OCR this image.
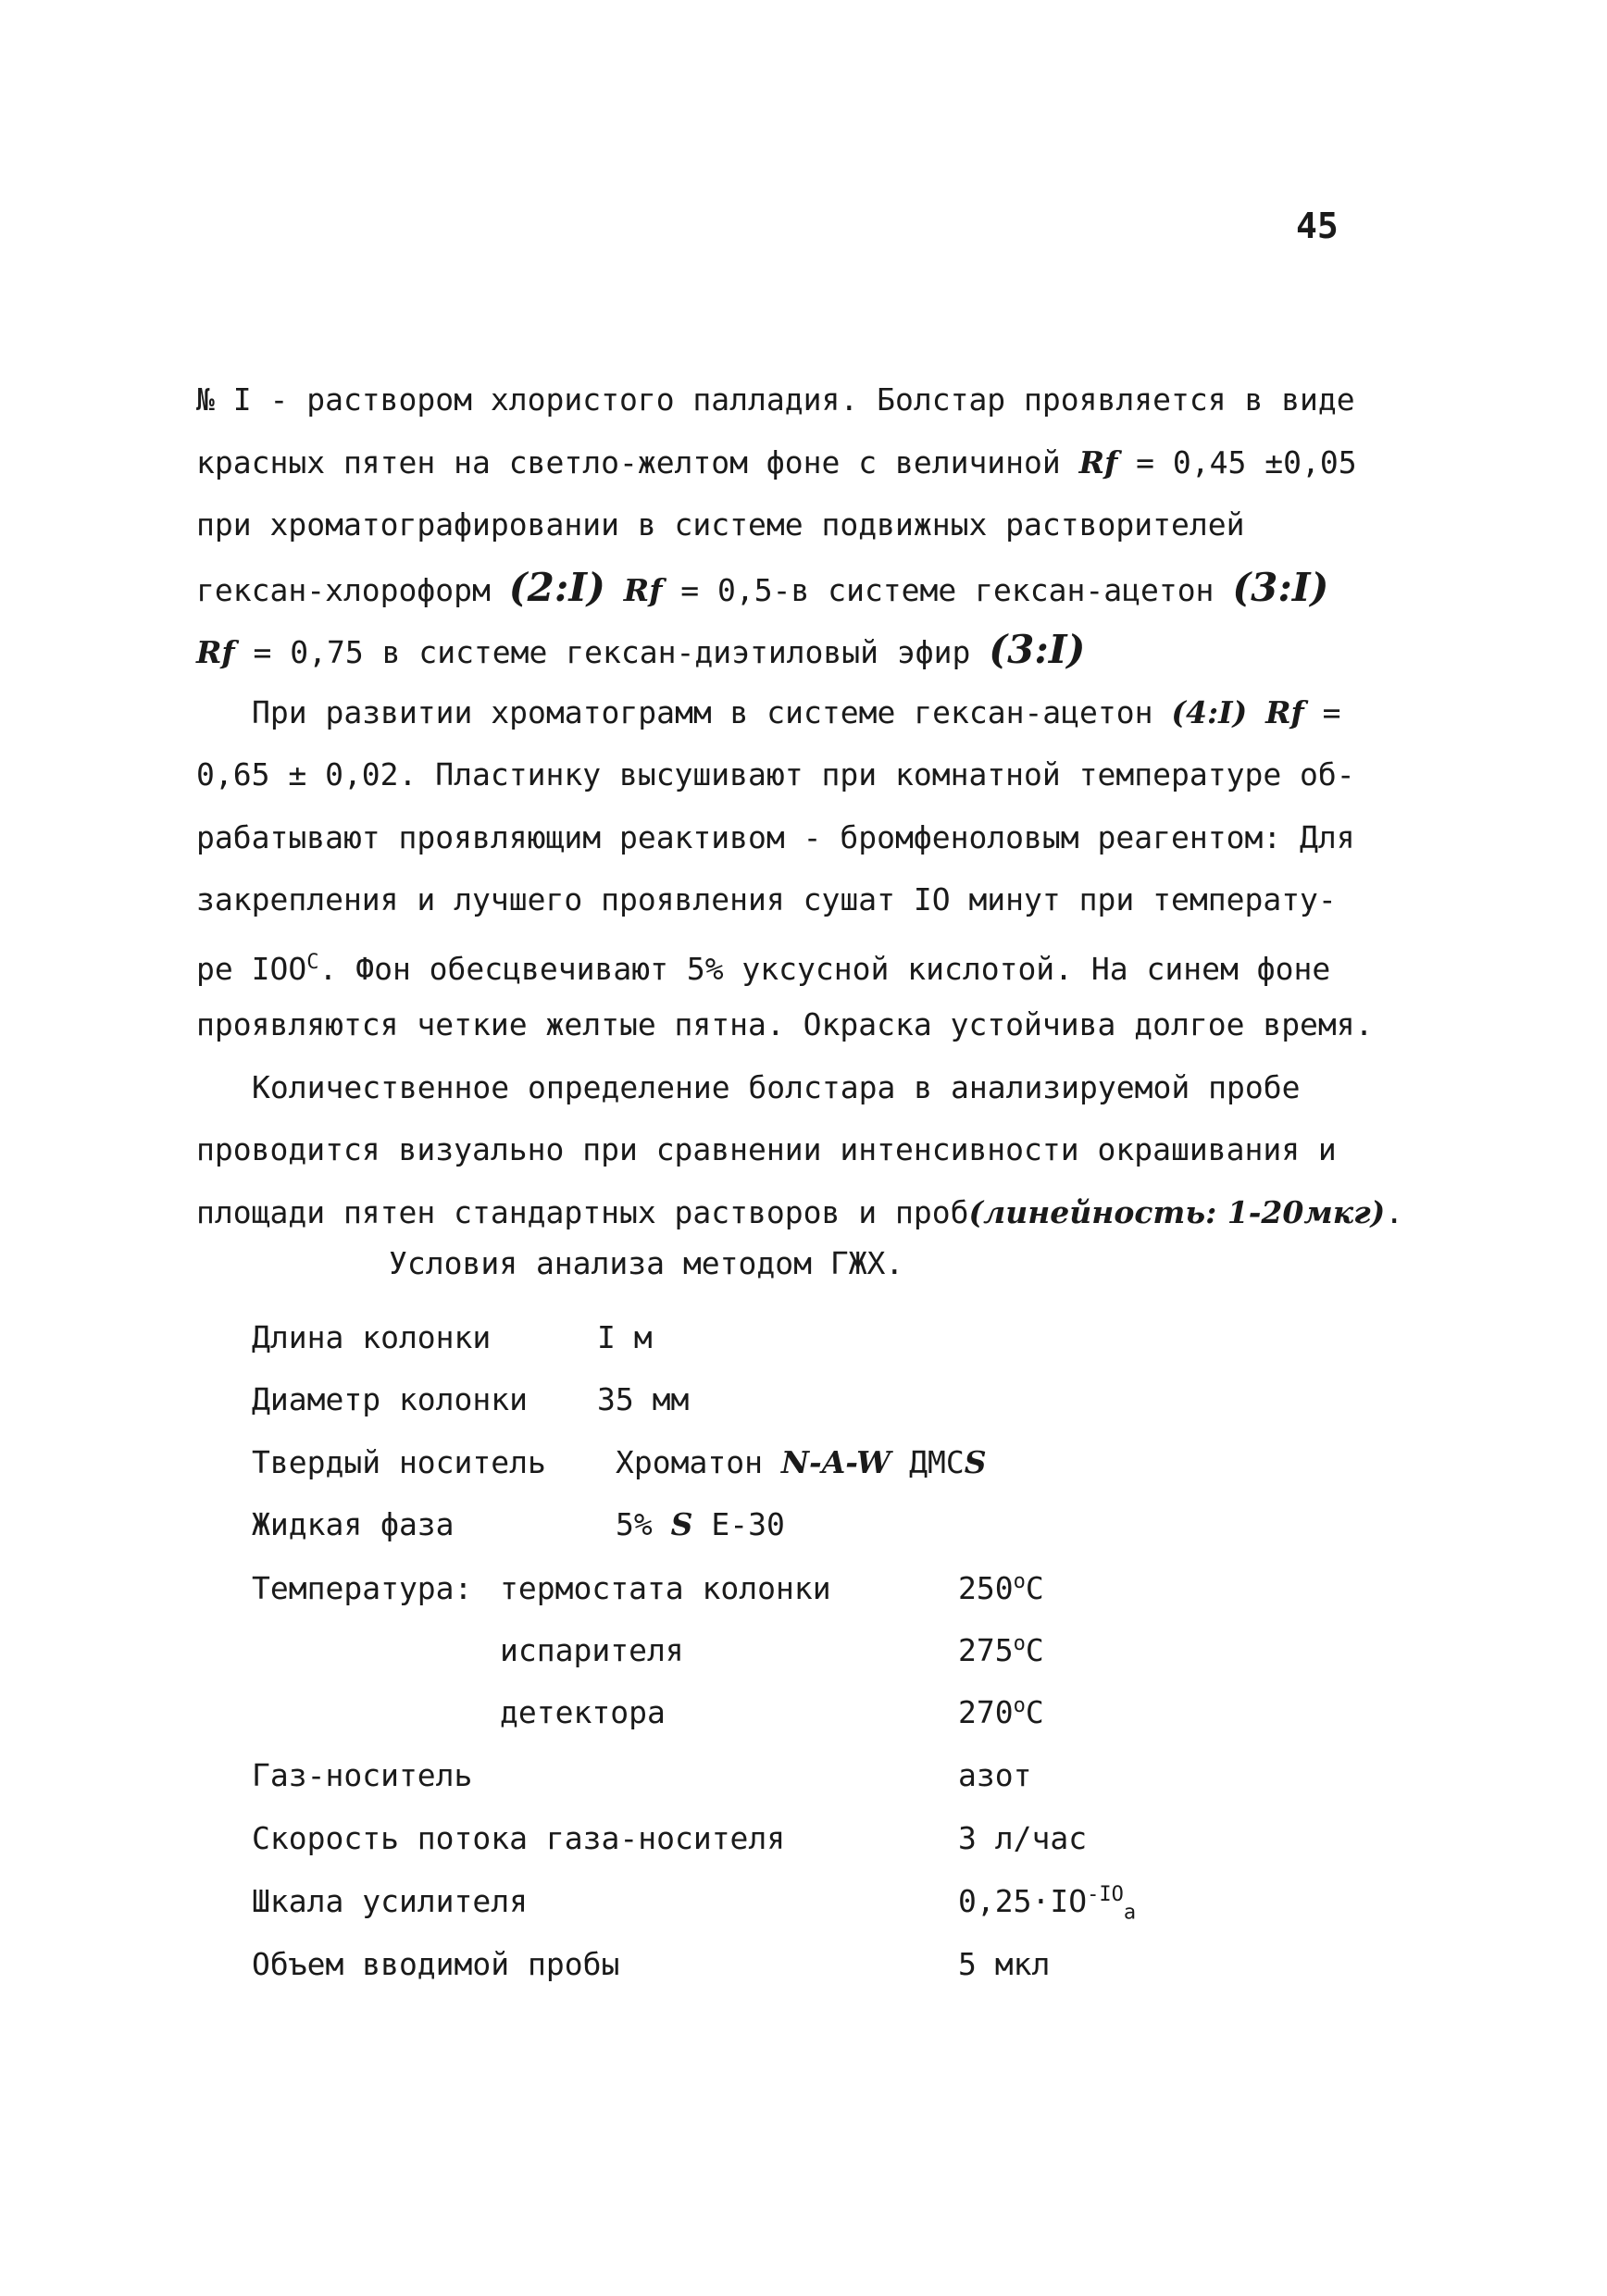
45
№ I - раствором хлористого палладия. Болстар проявляется в виде
красных пятен на светло-желтом фоне с величиной Rf = 0,45 ±0,05
при хроматографировании в системе подвижных растворителей
гексан-хлороформ (2:I) Rf = 0,5-в системе гексан-ацетон (3:I)
Rf = 0,75 в системе гексан-диэтиловый эфир (3:I)
При развитии хроматограмм в системе гексан-ацетон (4:I) Rf =
0,65 ± 0,02. Пластинку высушивают при комнатной температуре об-
рабатывают проявляющим реактивом - бромфеноловым реагентом: Для
закрепления и лучшего проявления сушат IO минут при температу-
ре $IOO^C$. Фон обесцвечивают 5% уксусной кислотой. На синем фоне
проявляются четкие желтые пятна. Окраска устойчива долгое время.
Количественное определение болстара в анализируемой пробе
проводится визуально при сравнении интенсивности окрашивания и
площади пятен стандартных растворов и проб(линейность: 1-20мкг).
Условия анализа методом ГЖХ.
Длина колонки	I м
Диаметр колонки 35 мм
Твердый носитель Хроматон N-A-W ДМСS
Жидкая фаза	5% S Е-30
Температура: термостата колонки	250$^o$C
испарителя	275$^o$C
детектора	270$^o$C
Газ-носитель	азот
Скорость потока газа-носителя	3 л/час
Шкала усилителя	$0,25\cdot IO^{-IO}_a$
Объем вводимой пробы	5 мкл
